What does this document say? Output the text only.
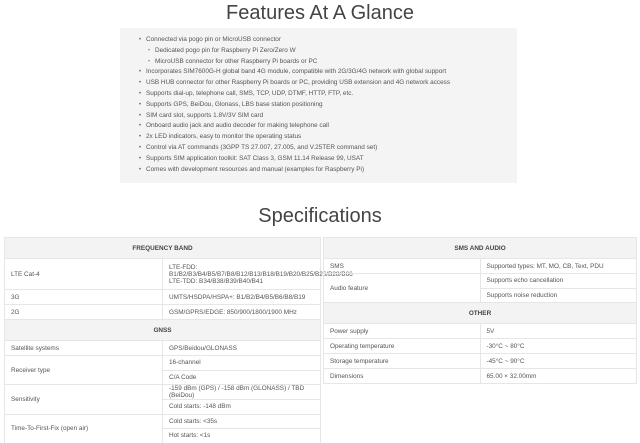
Features At A Glance
• Connected via pogo pin or MicroUSB connector
• Dedicated pogo pin for Raspberry Pi Zero/Zero W
• MicroUSB connector for other Raspberry Pi boards or PC
• Incorporates SIM7600G-H global band 4G module, compatible with 2G/3G/4G network with global support
• USB HUB connector for other Raspberry Pi boards or PC, providing USB extension and 4G network access
• Supports dial-up, telephone call, SMS, TCP, UDP, DTMF, HTTP, FTP, etc.
• Supports GPS, BeiDou, Glonass, LBS base station positioning
• SIM card slot, supports 1.8V/3V SIM card
• Onboard audio jack and audio decoder for making telephone call
• 2x LED indicators, easy to monitor the operating status
• Control via AT commands (3GPP TS 27.007, 27.005, and V.25TER command set)
• Supports SIM application toolkit: SAT Class 3, GSM 11.14 Release 99, USAT
• Comes with development resources and manual (examples for Raspberry Pi)
Specifications
FREQUENCY BAND	
LTE Cat-4	LTE-FDD:
B1/B2/B3/B4/B5/B7/B8/B12/B13/B18/B19/B20/B25/B26/B28/B66
LTE-TDD: B34/B38/B39/B40/B41

3G	UMTS/HSDPA/HSPA+: B1/B2/B4/B5/B6/B8/B19
2G	GSM/GPRS/EDGE: 850/900/1800/1900 MHz
GNSS	
Satellite systems	GPS/Beidou/GLONASS
Receiver type	16-channel
	C/A Code
Sensitivity	-159 dBm (GPS) / -158 dBm (GLONASS) / TBD (BeiDou)
	Cold starts: -148 dBm
Time-To-First-Fix (open air)	Cold starts: <35s
	Hot starts: <1s
SMS AND AUDIO	
SMS	Supported types: MT, MO, CB, Text, PDU
Audio feature	Supports echo cancellation
	Supports noise reduction
OTHER	
Power supply	5V
Operating temperature	-30°C ~ 80°C
Storage temperature	-45°C ~ 90°C
Dimensions	65.00 × 32.00mm
